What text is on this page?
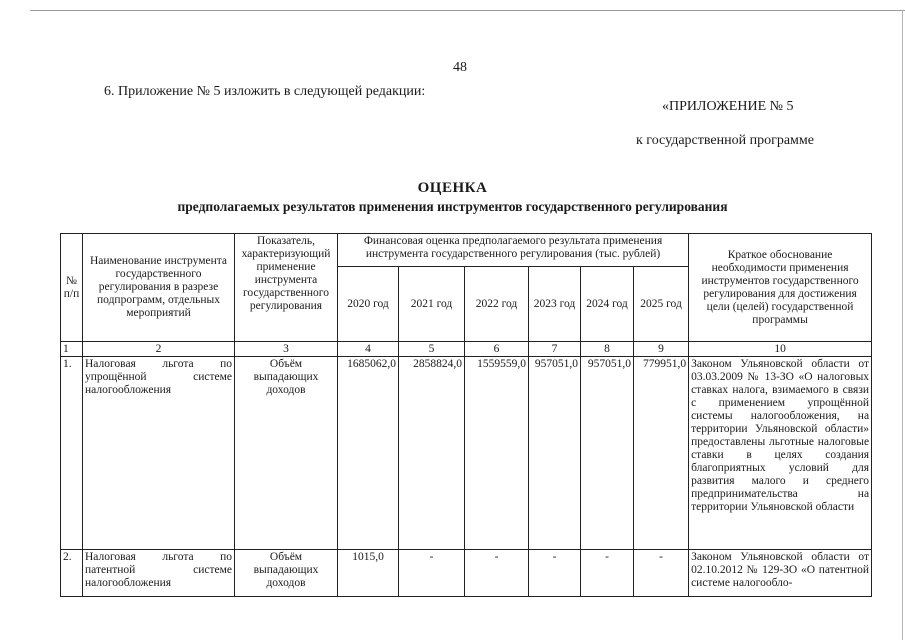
48
6. Приложение № 5 изложить в следующей редакции:
«ПРИЛОЖЕНИЕ № 5
к государственной программе
ОЦЕНКА
предполагаемых результатов применения инструментов государственного регулирования
№ п/п	Наименование инструмента государственного регулирования в разрезе подпрограмм, отдельных мероприятий	Показатель, характеризующий применение инструмента государственного регулирования	Финансовая оценка предполагаемого результата применения инструмента государственного регулирования (тыс. рублей)						Краткое обоснование необходимости применения инструментов государственного регулирования для достижения цели (целей) государственной программы
			2020 год	2021 год	2022 год	2023 год	2024 год	2025 год	
1	2	3	4	5	6	7	8	9	10
1.	Налоговая льгота по упрощённой системе налогообложения	Объём выпадающих доходов	1685062,0	2858824,0	1559559,0	957051,0	957051,0	779951,0	Законом Ульяновской области от 03.03.2009 № 13-ЗО «О налоговых ставках налога, взимаемого в связи с применением упрощённой системы налогообложения, на территории Ульяновской области» предоставлены льготные налоговые ставки в целях создания благоприятных условий для развития малого и среднего предпринимательства на территории Ульяновской области
2.	Налоговая льгота по патентной системе налогообложения	Объём выпадающих доходов	1015,0	-	-	-	-	-	Законом Ульяновской области от 02.10.2012 № 129-ЗО «О патентной системе налогообло-
